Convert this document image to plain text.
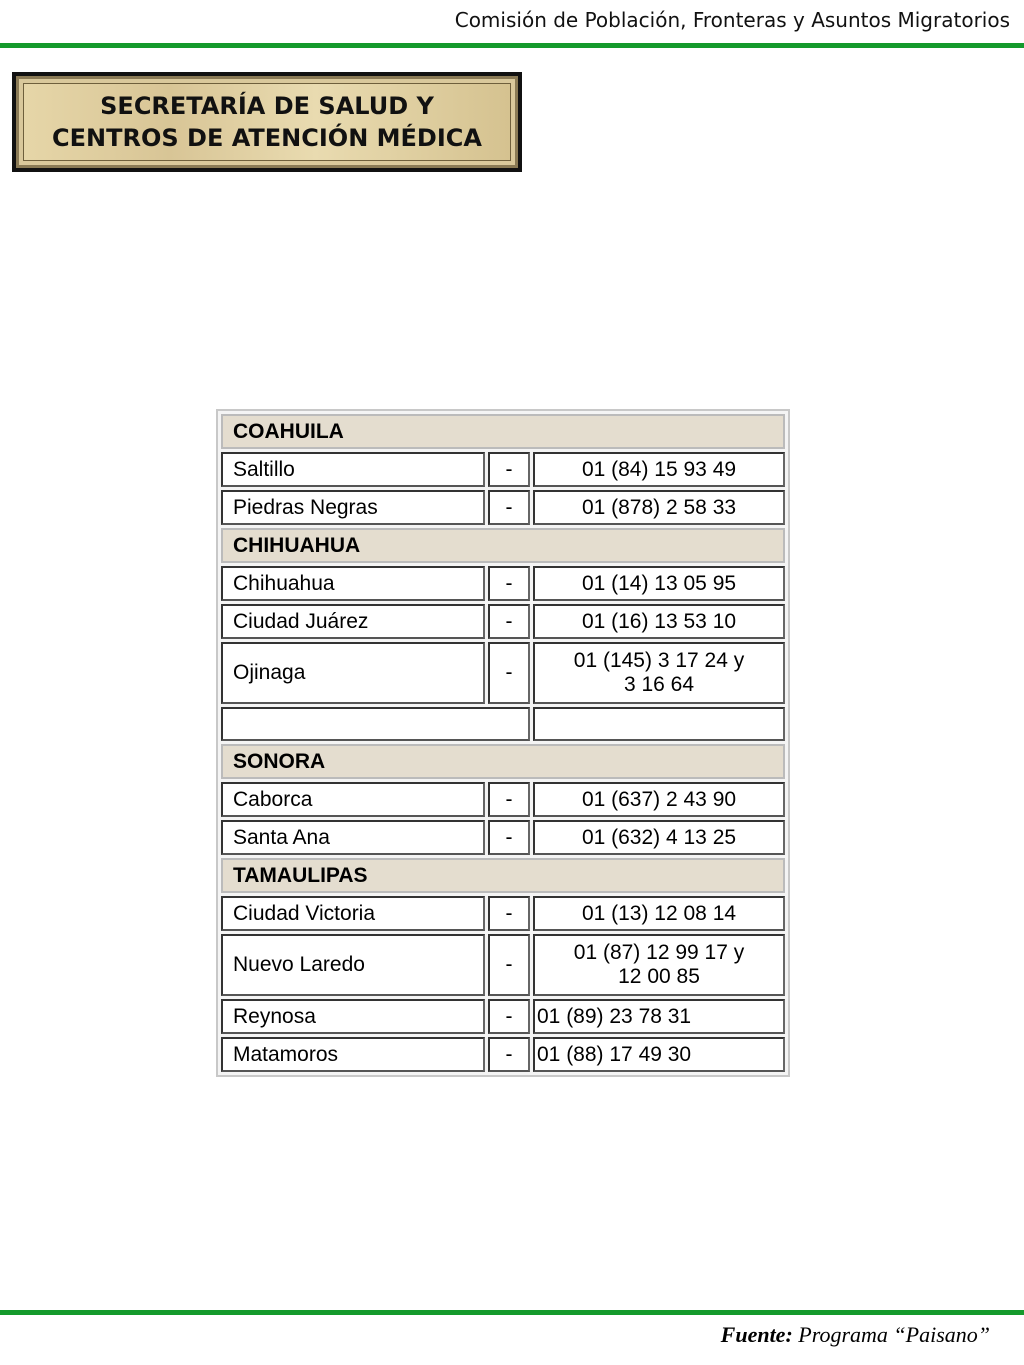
Comisión de Población, Fronteras y Asuntos Migratorios
SECRETARÍA DE SALUD Y
CENTROS DE ATENCIÓN MÉDICA
COAHUILA		
Saltillo	-	01 (84) 15 93 49
Piedras Negras	-	01 (878) 2 58 33
CHIHUAHUA		
Chihuahua	-	01 (14) 13 05 95
Ciudad Juárez	-	01 (16) 13 53 10
Ojinaga	-	01 (145) 3 17 24 y
3 16 64

SONORA		
Caborca	-	01 (637) 2 43 90
Santa Ana	-	01 (632) 4 13 25
TAMAULIPAS		
Ciudad Victoria	-	01 (13) 12 08 14
Nuevo Laredo	-	01 (87) 12 99 17 y
12 00 85

Reynosa	-	01 (89) 23 78 31
Matamoros	-	01 (88) 17 49 30
Fuente: Programa “Paisano”
